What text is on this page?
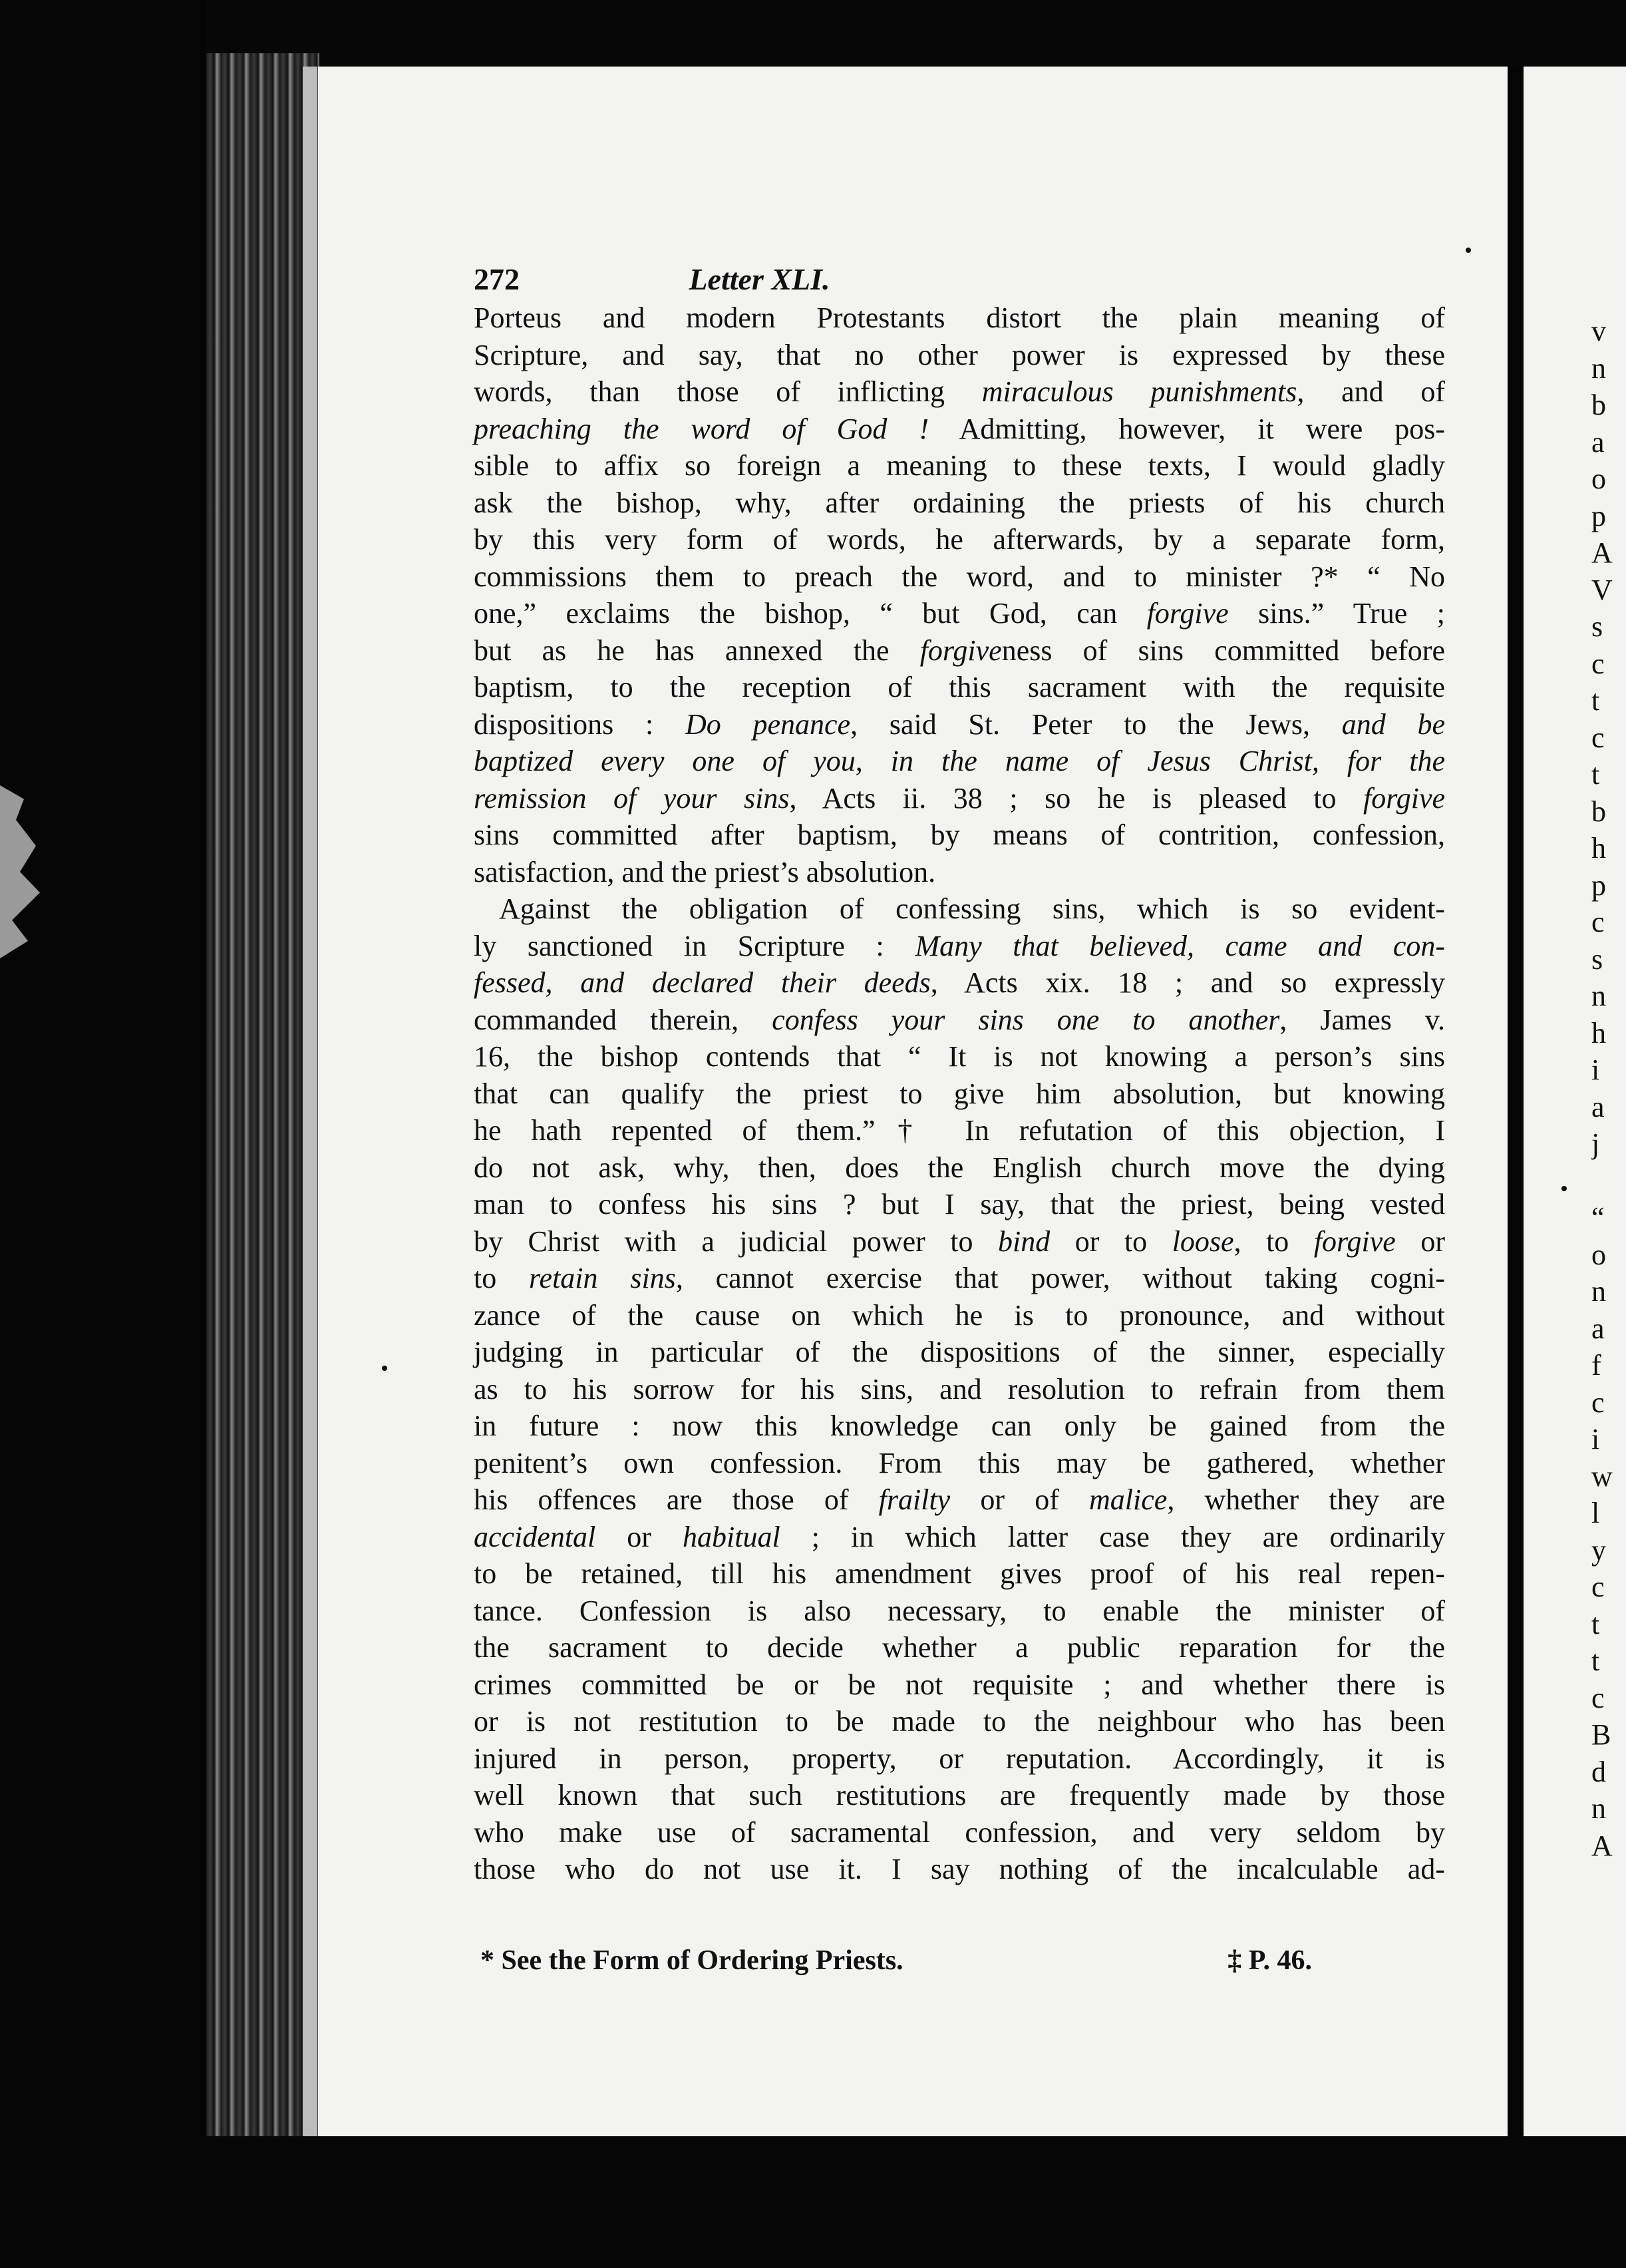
272	Letter XLI.
Porteus and modern Protestants distort the plain meaning of
Scripture, and say, that no other power is expressed by these
words, than those of inflicting miraculous punishments, and of
preaching the word of God ! Admitting, however, it were pos-
sible to affix so foreign a meaning to these texts, I would gladly
ask the bishop, why, after ordaining the priests of his church
by this very form of words, he afterwards, by a separate form,
commissions them to preach the word, and to minister ?* “ No
one,” exclaims the bishop, “ but God, can forgive sins.” True ;
but as he has annexed the forgiveness of sins committed before
baptism, to the reception of this sacrament with the requisite
dispositions : Do penance, said St. Peter to the Jews, and be
baptized every one of you, in the name of Jesus Christ, for the
remission of your sins, Acts ii. 38 ; so he is pleased to forgive
sins committed after baptism, by means of contrition, confession,
satisfaction, and the priest’s absolution.
Against the obligation of confessing sins, which is so evident-
ly sanctioned in Scripture : Many that believed, came and con-
fessed, and declared their deeds, Acts xix. 18 ; and so expressly
commanded therein, confess your sins one to another, James v.
16, the bishop contends that “ It is not knowing a person’s sins
that can qualify the priest to give him absolution, but knowing
he hath repented of them.”† In refutation of this objection, I
do not ask, why, then, does the English church move the dying
man to confess his sins ? but I say, that the priest, being vested
by Christ with a judicial power to bind or to loose, to forgive or
to retain sins, cannot exercise that power, without taking cogni-
zance of the cause on which he is to pronounce, and without
judging in particular of the dispositions of the sinner, especially
as to his sorrow for his sins, and resolution to refrain from them
in future : now this knowledge can only be gained from the
penitent’s own confession. From this may be gathered, whether
his offences are those of frailty or of malice, whether they are
accidental or habitual ; in which latter case they are ordinarily
to be retained, till his amendment gives proof of his real repen-
tance. Confession is also necessary, to enable the minister of
the sacrament to decide whether a public reparation for the
crimes committed be or be not requisite ; and whether there is
or is not restitution to be made to the neighbour who has been
injured in person, property, or reputation. Accordingly, it is
well known that such restitutions are frequently made by those
who make use of sacramental confession, and very seldom by
those who do not use it. I say nothing of the incalculable ad-
* See the Form of Ordering Priests.	‡ P. 46.
v
n
b
a
o
p
A
V
s
c
t
c
t
b
h
p
c
s
n
h
i
a
j

“
o
n
a
f
c
i
w
l
y
c
t
t
c
B
d
n
A
